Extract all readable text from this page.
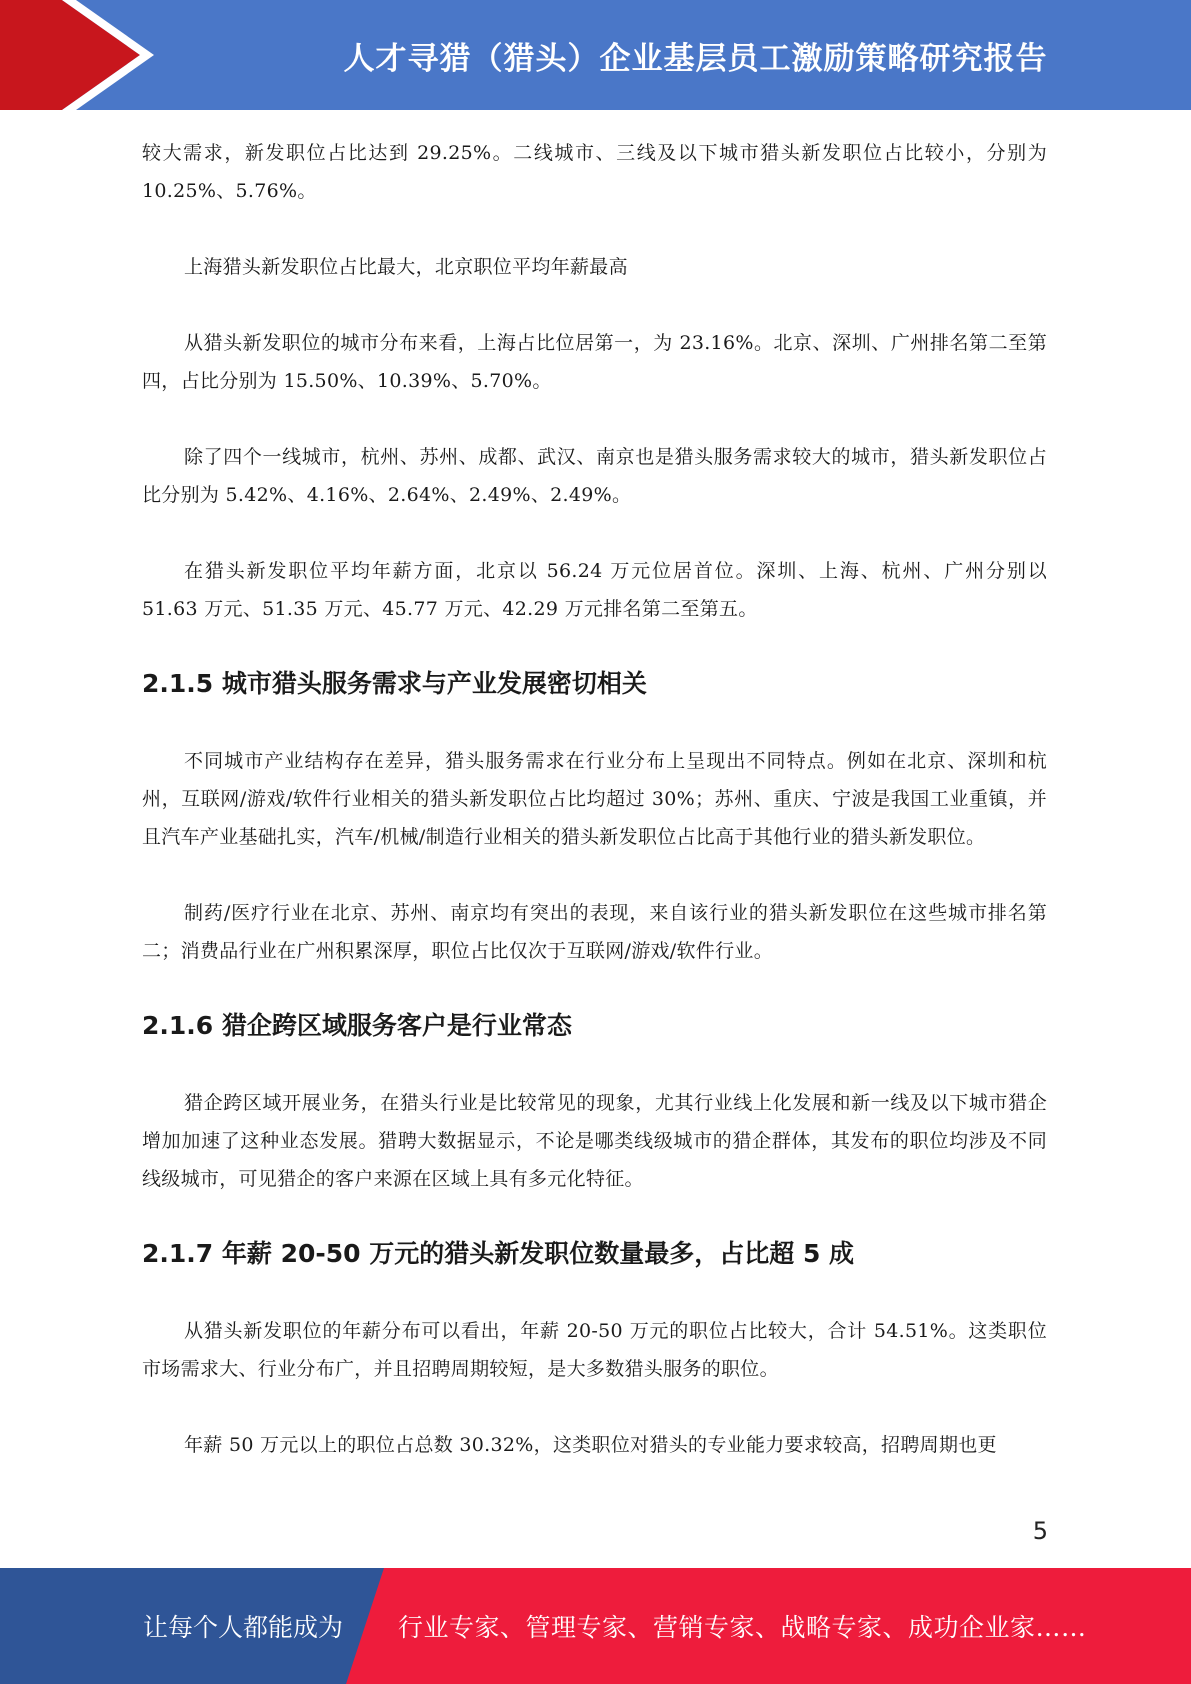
人才寻猎（猎头）企业基层员工激励策略研究报告

较大需求，新发职位占比达到 29.25%。二线城市、三线及以下城市猎头新发职位占比较小，分别为 10.25%、5.76%。

上海猎头新发职位占比最大，北京职位平均年薪最高

从猎头新发职位的城市分布来看，上海占比位居第一，为 23.16%。北京、深圳、广州排名第二至第四，占比分别为 15.50%、10.39%、5.70%。

除了四个一线城市，杭州、苏州、成都、武汉、南京也是猎头服务需求较大的城市，猎头新发职位占比分别为 5.42%、4.16%、2.64%、2.49%、2.49%。

在猎头新发职位平均年薪方面，北京以 56.24 万元位居首位。深圳、上海、杭州、广州分别以 51.63 万元、51.35 万元、45.77 万元、42.29 万元排名第二至第五。

2.1.5 城市猎头服务需求与产业发展密切相关

不同城市产业结构存在差异，猎头服务需求在行业分布上呈现出不同特点。例如在北京、深圳和杭州，互联网/游戏/软件行业相关的猎头新发职位占比均超过 30%；苏州、重庆、宁波是我国工业重镇，并且汽车产业基础扎实，汽车/机械/制造行业相关的猎头新发职位占比高于其他行业的猎头新发职位。

制药/医疗行业在北京、苏州、南京均有突出的表现，来自该行业的猎头新发职位在这些城市排名第二；消费品行业在广州积累深厚，职位占比仅次于互联网/游戏/软件行业。

2.1.6 猎企跨区域服务客户是行业常态

猎企跨区域开展业务，在猎头行业是比较常见的现象，尤其行业线上化发展和新一线及以下城市猎企增加加速了这种业态发展。猎聘大数据显示，不论是哪类线级城市的猎企群体，其发布的职位均涉及不同线级城市，可见猎企的客户来源在区域上具有多元化特征。

2.1.7 年薪 20-50 万元的猎头新发职位数量最多，占比超 5 成

从猎头新发职位的年薪分布可以看出，年薪 20-50 万元的职位占比较大，合计 54.51%。这类职位市场需求大、行业分布广，并且招聘周期较短，是大多数猎头服务的职位。

年薪 50 万元以上的职位占总数 30.32%，这类职位对猎头的专业能力要求较高，招聘周期也更

5
让每个人都能成为 行业专家、管理专家、营销专家、战略专家、成功企业家……
